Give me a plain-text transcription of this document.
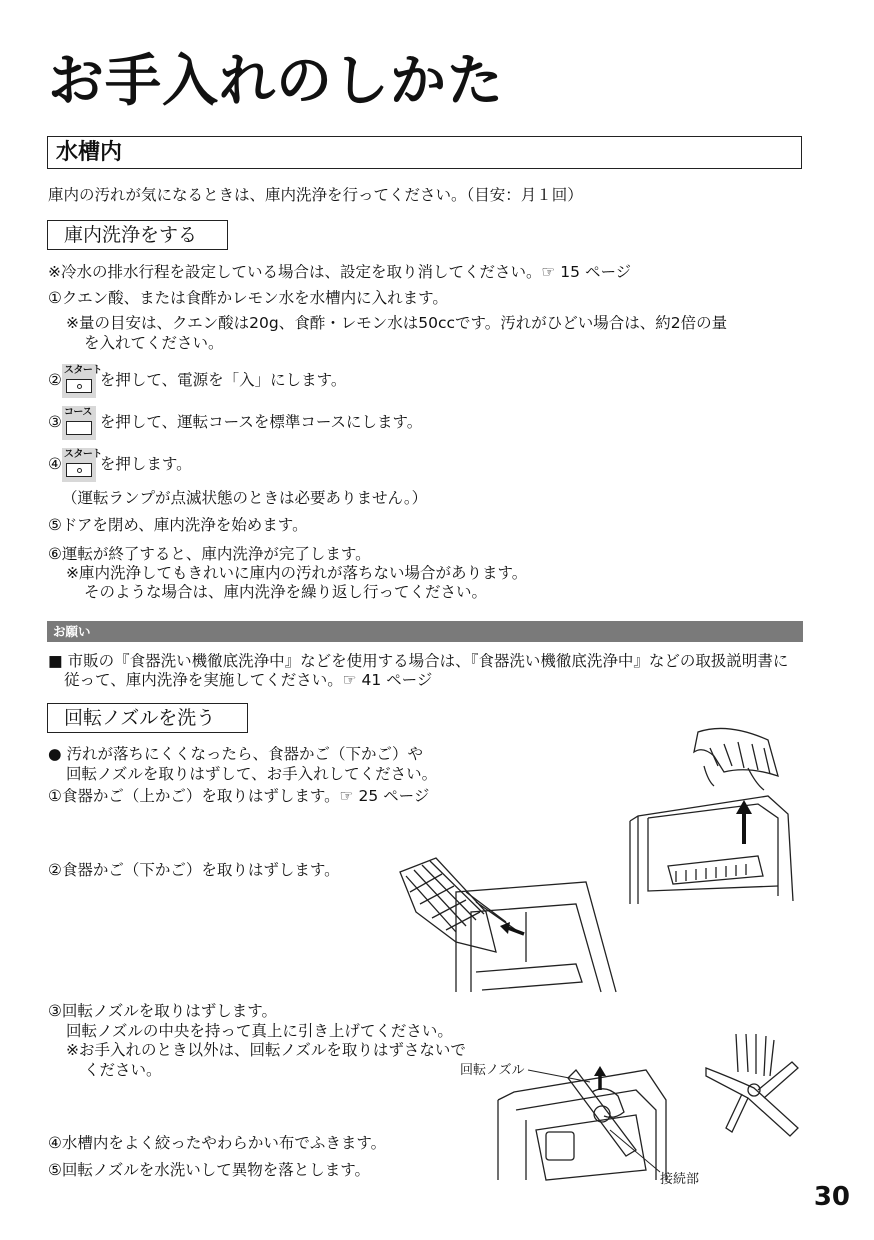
お手入れのしかた
水槽内
庫内の汚れが気になるときは、庫内洗浄を行ってください。（目安：月１回）
庫内洗浄をする
※冷水の排水行程を設定している場合は、設定を取り消してください。☞ 15 ページ
①クエン酸、または食酢かレモン水を水槽内に入れます。
※量の目安は、クエン酸は20g、食酢・レモン水は50ccです。汚れがひどい場合は、約2倍の量
を入れてください。
②
スタート
を押して、電源を「入」にします。
③
コース
を押して、運転コースを標準コースにします。
④
スタート
を押します。
（運転ランプが点滅状態のときは必要ありません。）
⑤ドアを閉め、庫内洗浄を始めます。
⑥運転が終了すると、庫内洗浄が完了します。
※庫内洗浄してもきれいに庫内の汚れが落ちない場合があります。
そのような場合は、庫内洗浄を繰り返し行ってください。
お願い
■ 市販の『食器洗い機徹底洗浄中』などを使用する場合は、『食器洗い機徹底洗浄中』などの取扱説明書に
従って、庫内洗浄を実施してください。☞ 41 ページ
回転ノズルを洗う
● 汚れが落ちにくくなったら、食器かご（下かご）や
回転ノズルを取りはずして、お手入れしてください。
①食器かご（上かご）を取りはずします。☞ 25 ページ
②食器かご（下かご）を取りはずします。
③回転ノズルを取りはずします。
回転ノズルの中央を持って真上に引き上げてください。
※お手入れのとき以外は、回転ノズルを取りはずさないで
ください。
④水槽内をよく絞ったやわらかい布でふきます。
⑤回転ノズルを水洗いして異物を落とします。
回転ノズル
接続部
30
